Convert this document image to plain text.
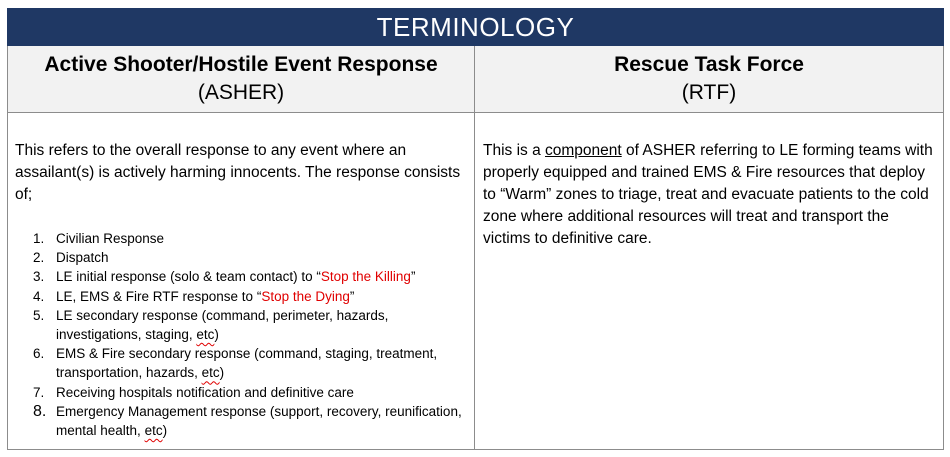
TERMINOLOGY
Active Shooter/Hostile Event Response
(ASHER)
Rescue Task Force
(RTF)

This refers to the overall response to any event where an assailant(s) is actively harming innocents. The response consists of;

1. Civilian Response
2. Dispatch
3. LE initial response (solo & team contact) to “Stop the Killing”
4. LE, EMS & Fire RTF response to “Stop the Dying”
5. LE secondary response (command, perimeter, hazards, investigations, staging, etc)
6. EMS & Fire secondary response (command, staging, treatment, transportation, hazards, etc)
7. Receiving hospitals notification and definitive care
8. Emergency Management response (support, recovery, reunification, mental health, etc)

This is a component of ASHER referring to LE forming teams with properly equipped and trained EMS & Fire resources that deploy to “Warm” zones to triage, treat and evacuate patients to the cold zone where additional resources will treat and transport the victims to definitive care.
